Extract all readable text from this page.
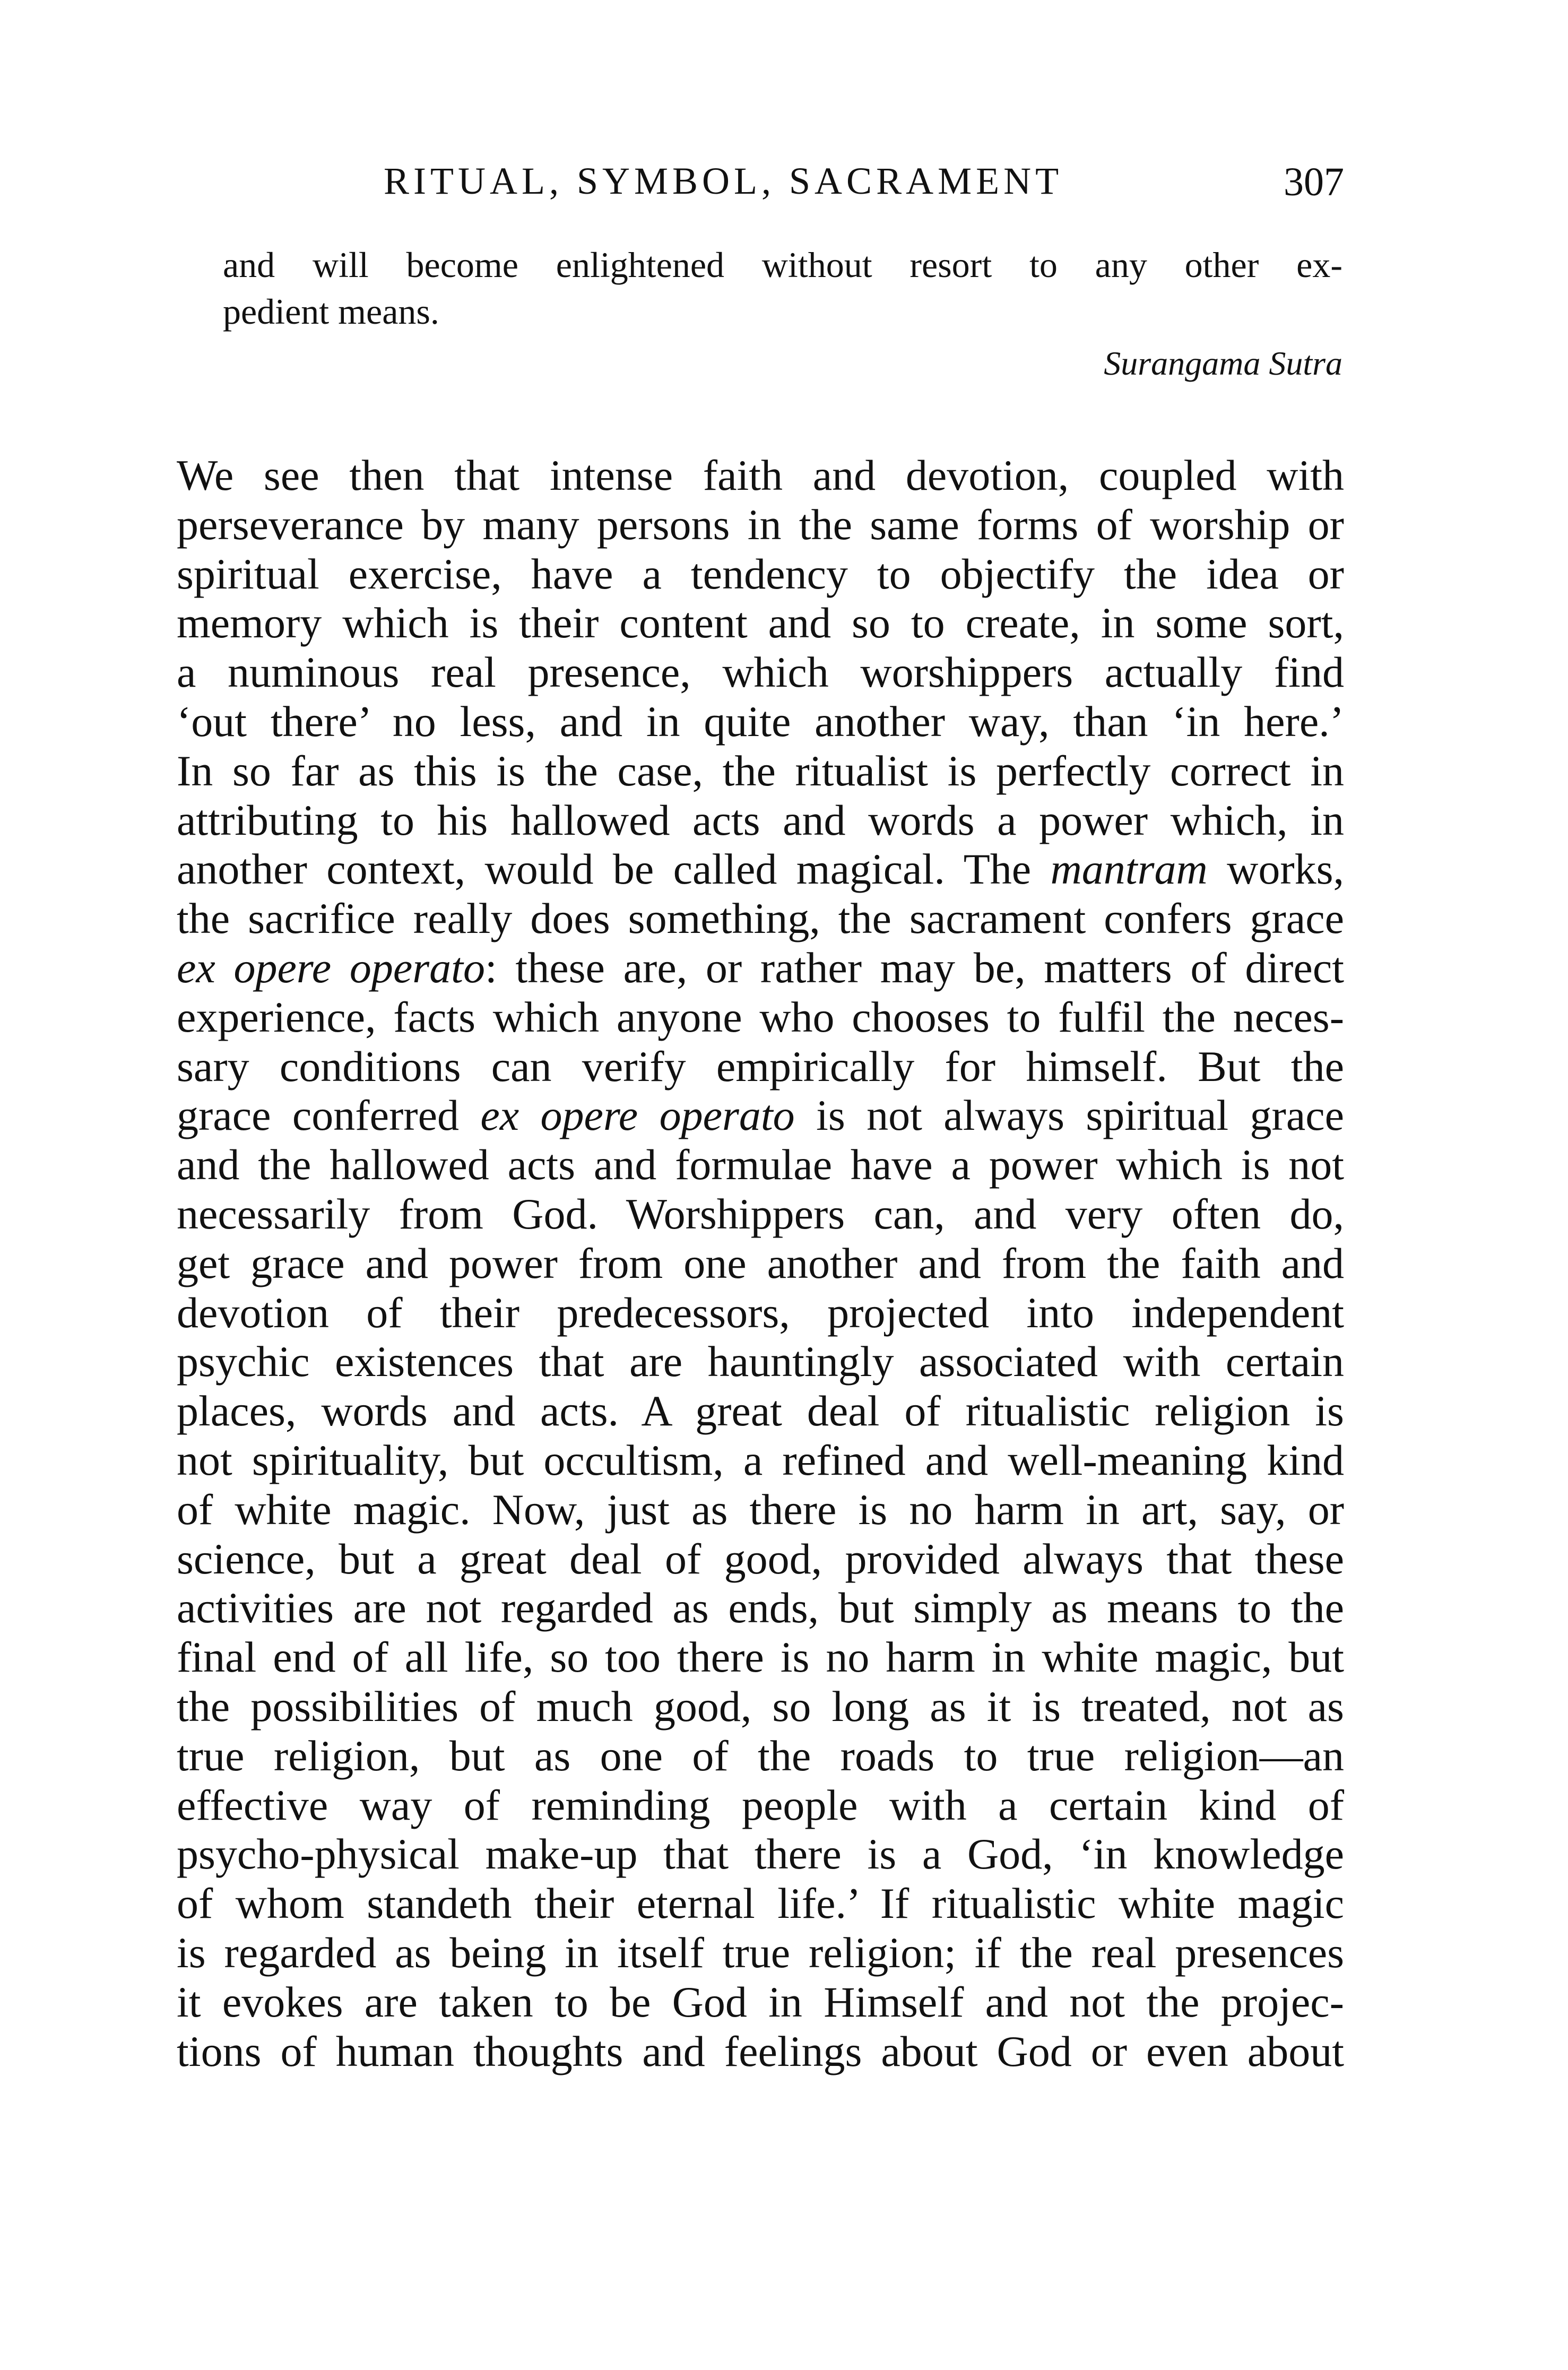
RITUAL, SYMBOL, SACRAMENT	307
and will become enlightened without resort to any other ex-
pedient means.
Surangama Sutra
We see then that intense faith and devotion, coupled with
perseverance by many persons in the same forms of worship or
spiritual exercise, have a tendency to objectify the idea or
memory which is their content and so to create, in some sort,
a numinous real presence, which worshippers actually find
‘out there’ no less, and in quite another way, than ‘in here.’
In so far as this is the case, the ritualist is perfectly correct in
attributing to his hallowed acts and words a power which, in
another context, would be called magical. The mantram works,
the sacrifice really does something, the sacrament confers grace
ex opere operato: these are, or rather may be, matters of direct
experience, facts which anyone who chooses to fulfil the neces-
sary conditions can verify empirically for himself. But the
grace conferred ex opere operato is not always spiritual grace
and the hallowed acts and formulae have a power which is not
necessarily from God. Worshippers can, and very often do,
get grace and power from one another and from the faith and
devotion of their predecessors, projected into independent
psychic existences that are hauntingly associated with certain
places, words and acts. A great deal of ritualistic religion is
not spirituality, but occultism, a refined and well-meaning kind
of white magic. Now, just as there is no harm in art, say, or
science, but a great deal of good, provided always that these
activities are not regarded as ends, but simply as means to the
final end of all life, so too there is no harm in white magic, but
the possibilities of much good, so long as it is treated, not as
true religion, but as one of the roads to true religion—an
effective way of reminding people with a certain kind of
psycho-physical make-up that there is a God, ‘in knowledge
of whom standeth their eternal life.’ If ritualistic white magic
is regarded as being in itself true religion; if the real presences
it evokes are taken to be God in Himself and not the projec-
tions of human thoughts and feelings about God or even about
